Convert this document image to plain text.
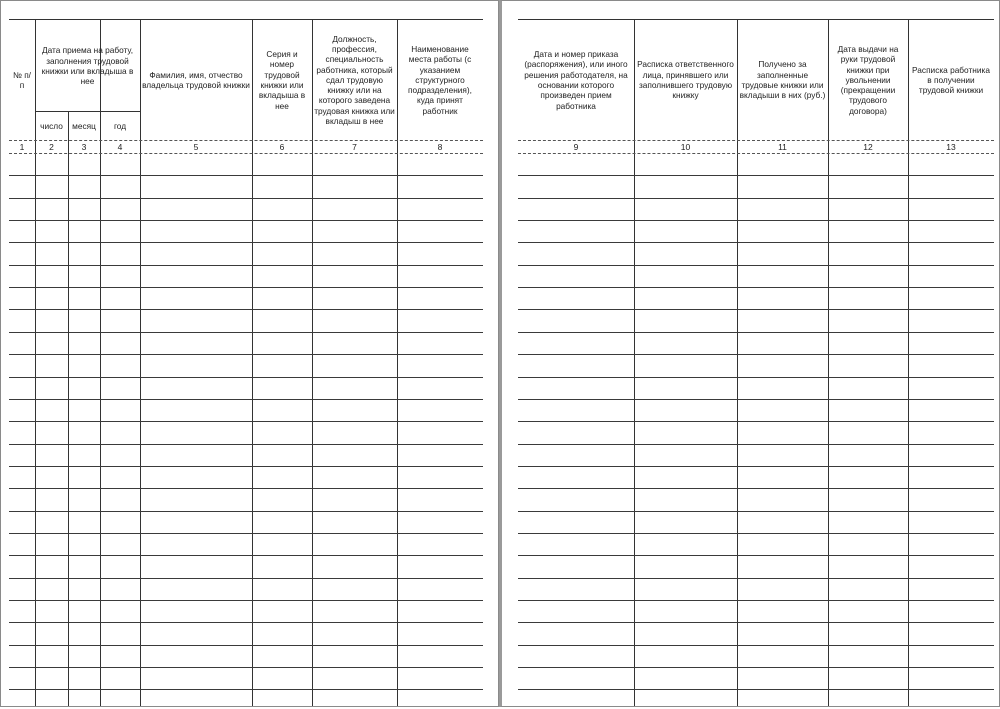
№ п/п
Дата приема на работу, заполнения трудовой книжки или вкладыша в нее
число	месяц	год
Фамилия, имя, отчество владельца трудовой книжки
Серия и номер трудовой книжки или вкладыша в нее
Должность, профессия, специальность работника, который сдал трудовую книжку или на которого заведена трудовая книжка или вкладыш в нее
Наименование места работы (с указанием структурного подразделения), куда принят работник
1	2	3	4	5	6	7	8
Дата и номер приказа (распоряжения), или иного решения работодателя, на основании которого произведен прием работника
Расписка ответственного лица, принявшего или заполнившего трудовую книжку
Получено за заполненные трудовые книжки или вкладыши в них (руб.)
Дата выдачи на руки трудовой книжки при увольнении (прекращении трудового договора)
Расписка работника в получении трудовой книжки
9	10	11	12	13
